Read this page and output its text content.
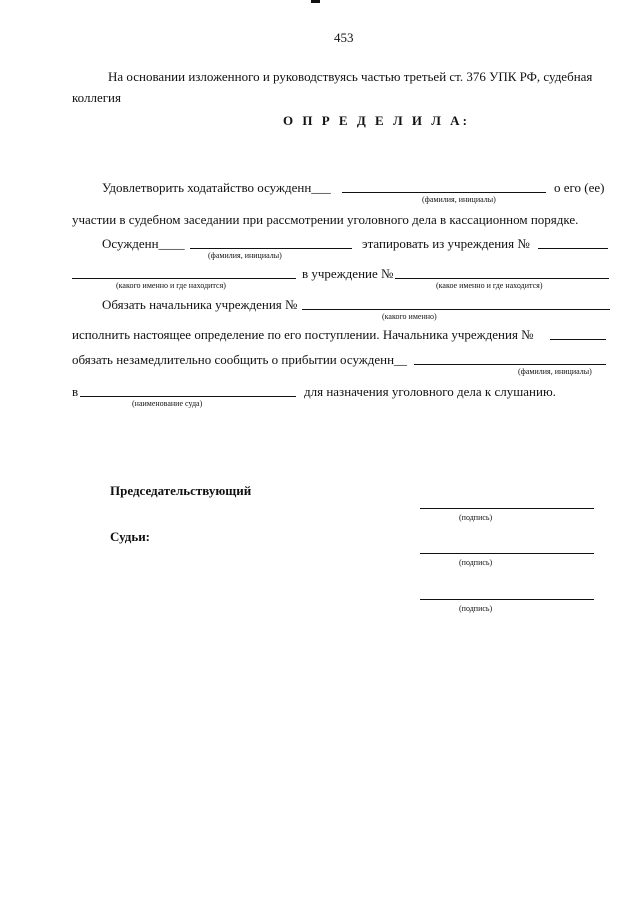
453
На основании изложенного и руководствуясь частью третьей ст. 376 УПК РФ, судебная
коллегия
О П Р Е Д Е Л И Л А:
Удовлетворить ходатайство осужденн___	о его (ее)
(фамилия, инициалы)
участии в судебном заседании при рассмотрении уголовного дела в кассационном порядке.
Осужденн____	этапировать из учреждения №
(фамилия, инициалы)
в учреждение №
(какого именно и где находится)	(какое именно и где находится)
Обязать начальника учреждения №
(какого именно)
исполнить настоящее определение по его поступлении. Начальника учреждения №
обязать незамедлительно сообщить о прибытии осужденн__
(фамилия, инициалы)
в	для назначения уголовного дела к слушанию.
(наименование суда)
Председательствующий
(подпись)
Судьи:
(подпись)
(подпись)
